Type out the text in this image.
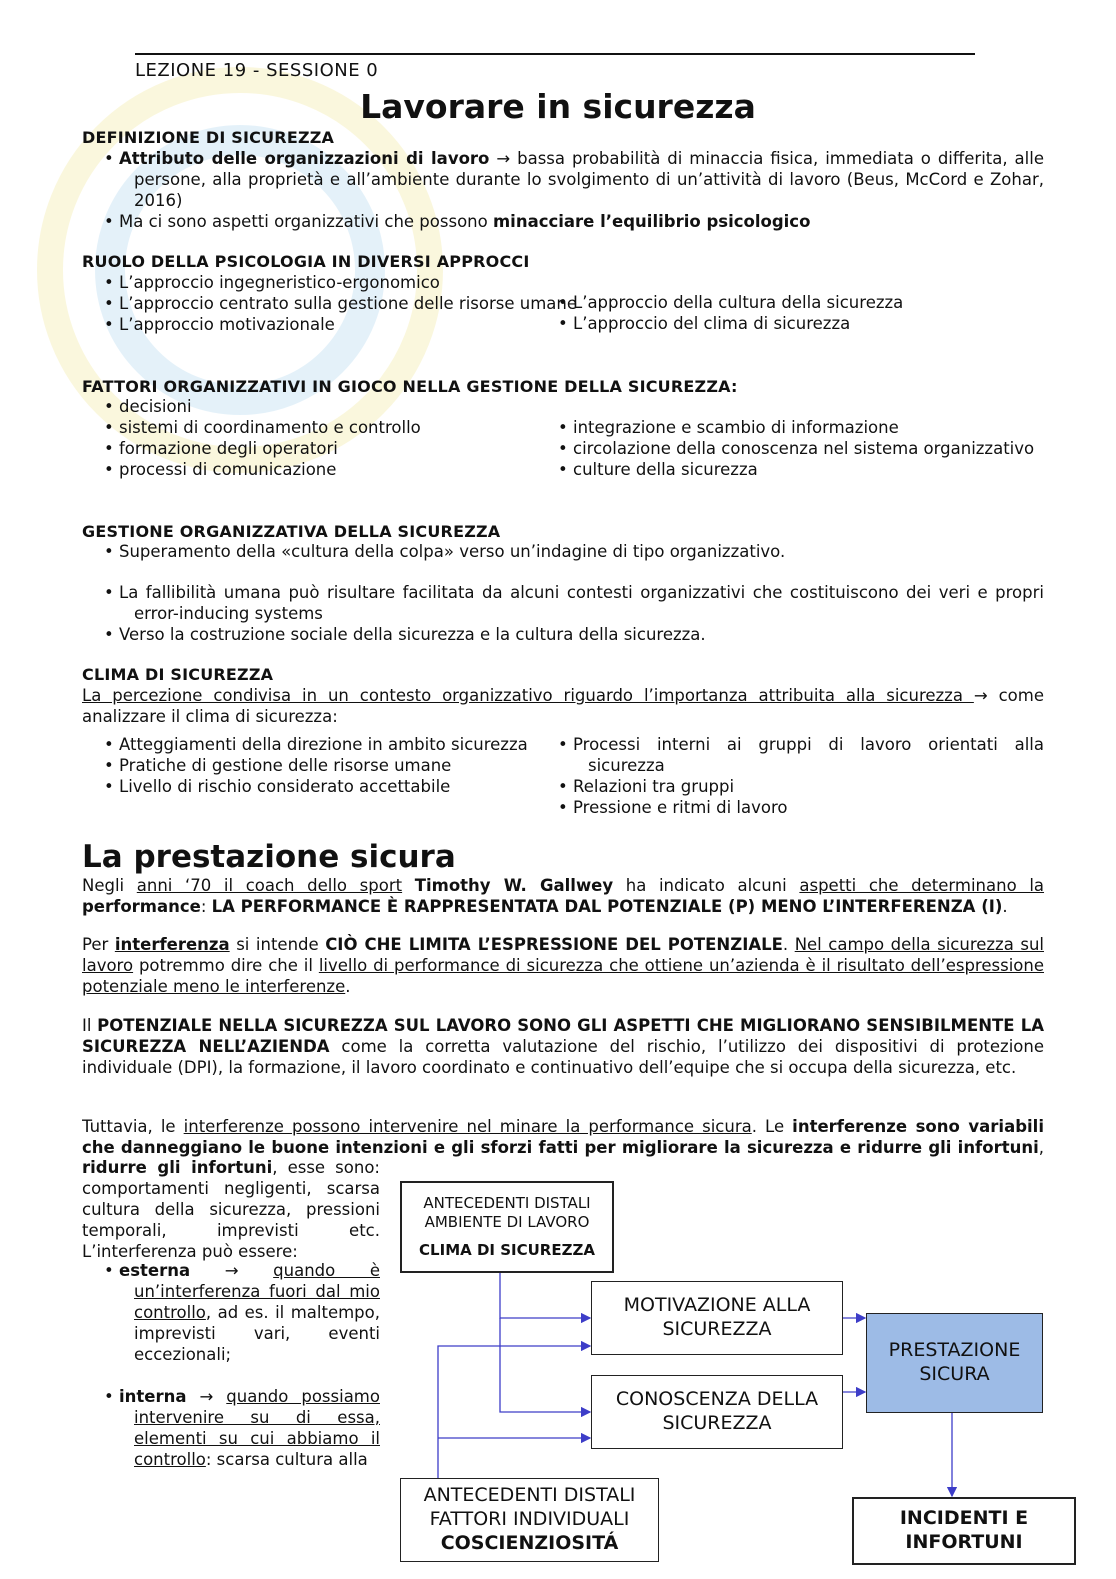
LEZIONE 19 - SESSIONE 0
Lavorare in sicurezza
DEFINIZIONE DI SICUREZZA
• Attributo delle organizzazioni di lavoro → bassa probabilità di minaccia fisica, immediata o differita, alle persone, alla proprietà e all’ambiente durante lo svolgimento di un’attività di lavoro (Beus, McCord e Zohar, 2016)
• Ma ci sono aspetti organizzativi che possono minacciare l’equilibrio psicologico
RUOLO DELLA PSICOLOGIA IN DIVERSI APPROCCI
• L’approccio ingegneristico-ergonomico
• L’approccio centrato sulla gestione delle risorse umane
• L’approccio motivazionale
• L’approccio della cultura della sicurezza
• L’approccio del clima di sicurezza
FATTORI ORGANIZZATIVI IN GIOCO NELLA GESTIONE DELLA SICUREZZA:
• decisioni
• sistemi di coordinamento e controllo
• formazione degli operatori
• processi di comunicazione
• integrazione e scambio di informazione
• circolazione della conoscenza nel sistema organizzativo
• culture della sicurezza
GESTIONE ORGANIZZATIVA DELLA SICUREZZA
• Superamento della «cultura della colpa» verso un’indagine di tipo organizzativo.
• La fallibilità umana può risultare facilitata da alcuni contesti organizzativi che costituiscono dei veri e propri error-inducing systems
• Verso la costruzione sociale della sicurezza e la cultura della sicurezza.
CLIMA DI SICUREZZA
La percezione condivisa in un contesto organizzativo riguardo l’importanza attribuita alla sicurezza → come analizzare il clima di sicurezza:
• Atteggiamenti della direzione in ambito sicurezza
• Pratiche di gestione delle risorse umane
• Livello di rischio considerato accettabile
• Processi interni ai gruppi di lavoro orientati alla sicurezza
• Relazioni tra gruppi
• Pressione e ritmi di lavoro
La prestazione sicura
Negli anni ‘70 il coach dello sport Timothy W. Gallwey ha indicato alcuni aspetti che determinano la performance: LA PERFORMANCE È RAPPRESENTATA DAL POTENZIALE (P) MENO L’INTERFERENZA (I).
Per interferenza si intende CIÒ CHE LIMITA L’ESPRESSIONE DEL POTENZIALE. Nel campo della sicurezza sul lavoro potremmo dire che il livello di performance di sicurezza che ottiene un’azienda è il risultato dell’espressione potenziale meno le interferenze.
Il POTENZIALE NELLA SICUREZZA SUL LAVORO SONO GLI ASPETTI CHE MIGLIORANO SENSIBILMENTE LA SICUREZZA NELL’AZIENDA come la corretta valutazione del rischio, l’utilizzo dei dispositivi di protezione individuale (DPI), la formazione, il lavoro coordinato e continuativo dell’equipe che si occupa della sicurezza, etc.
Tuttavia, le interferenze possono intervenire nel minare la performance sicura. Le interferenze sono variabili che danneggiano le buone intenzioni e gli sforzi fatti per migliorare la sicurezza e ridurre gli infortuni,
ridurre gli infortuni, esse sono: comportamenti negligenti, scarsa cultura della sicurezza, pressioni temporali, imprevisti etc. L’interferenza può essere:
• esterna → quando è un’interferenza fuori dal mio controllo, ad es. il maltempo, imprevisti vari, eventi eccezionali;
• interna → quando possiamo intervenire su di essa, elementi su cui abbiamo il controllo: scarsa cultura alla
ANTECEDENTI DISTALI
AMBIENTE DI LAVORO
CLIMA DI SICUREZZA
MOTIVAZIONE ALLA
SICUREZZA
CONOSCENZA DELLA
SICUREZZA
PRESTAZIONE
SICURA
ANTECEDENTI DISTALI
FATTORI INDIVIDUALI
COSCIENZIOSITÁ
INCIDENTI E
INFORTUNI
